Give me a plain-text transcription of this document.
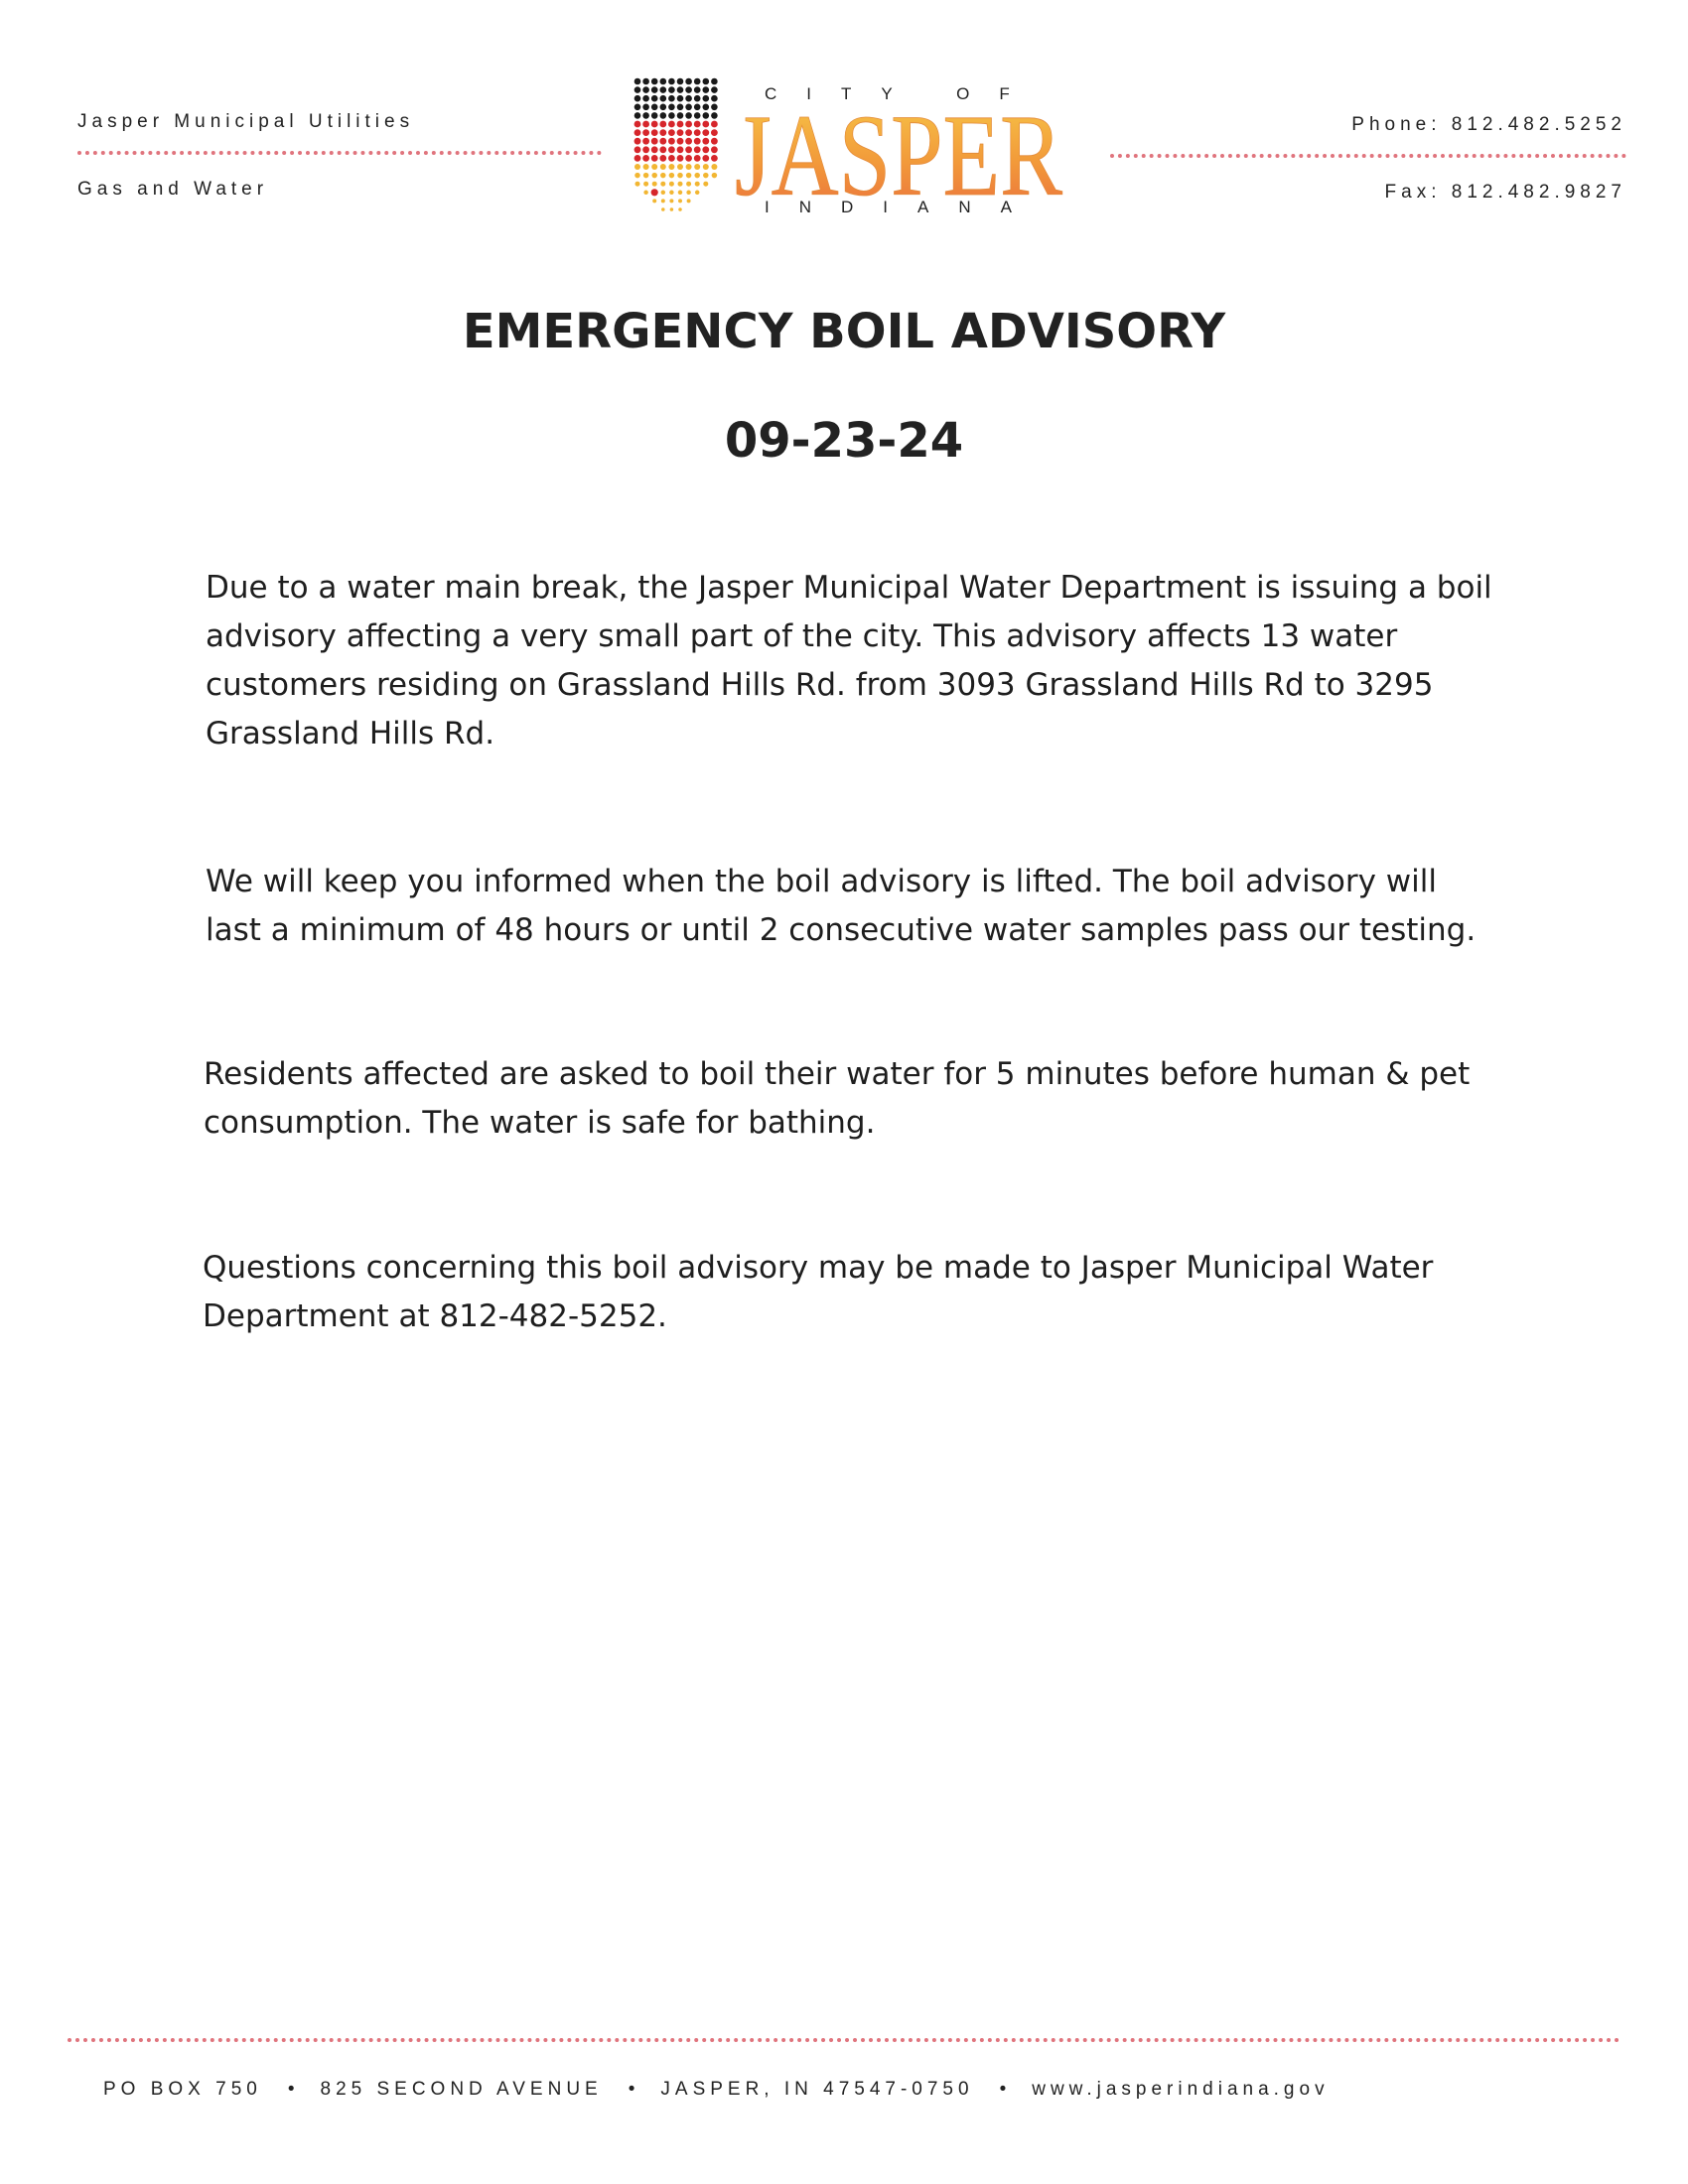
Jasper Municipal Utilities
Gas and Water
CITY OF
JASPER
INDIANA
Phone: 812.482.5252
Fax: 812.482.9827
EMERGENCY BOIL ADVISORY
09-23-24
Due to a water main break, the Jasper Municipal Water Department is issuing a boil advisory affecting a very small part of the city. This advisory affects 13 water customers residing on Grassland Hills Rd. from 3093 Grassland Hills Rd to 3295 Grassland Hills Rd.
We will keep you informed when the boil advisory is lifted. The boil advisory will last a minimum of 48 hours or until 2 consecutive water samples pass our testing.
Residents affected are asked to boil their water for 5 minutes before human & pet consumption. The water is safe for bathing.
Questions concerning this boil advisory may be made to Jasper Municipal Water Department at 812-482-5252.
PO BOX 750 • 825 SECOND AVENUE • JASPER, IN 47547-0750 • www.jasperindiana.gov
